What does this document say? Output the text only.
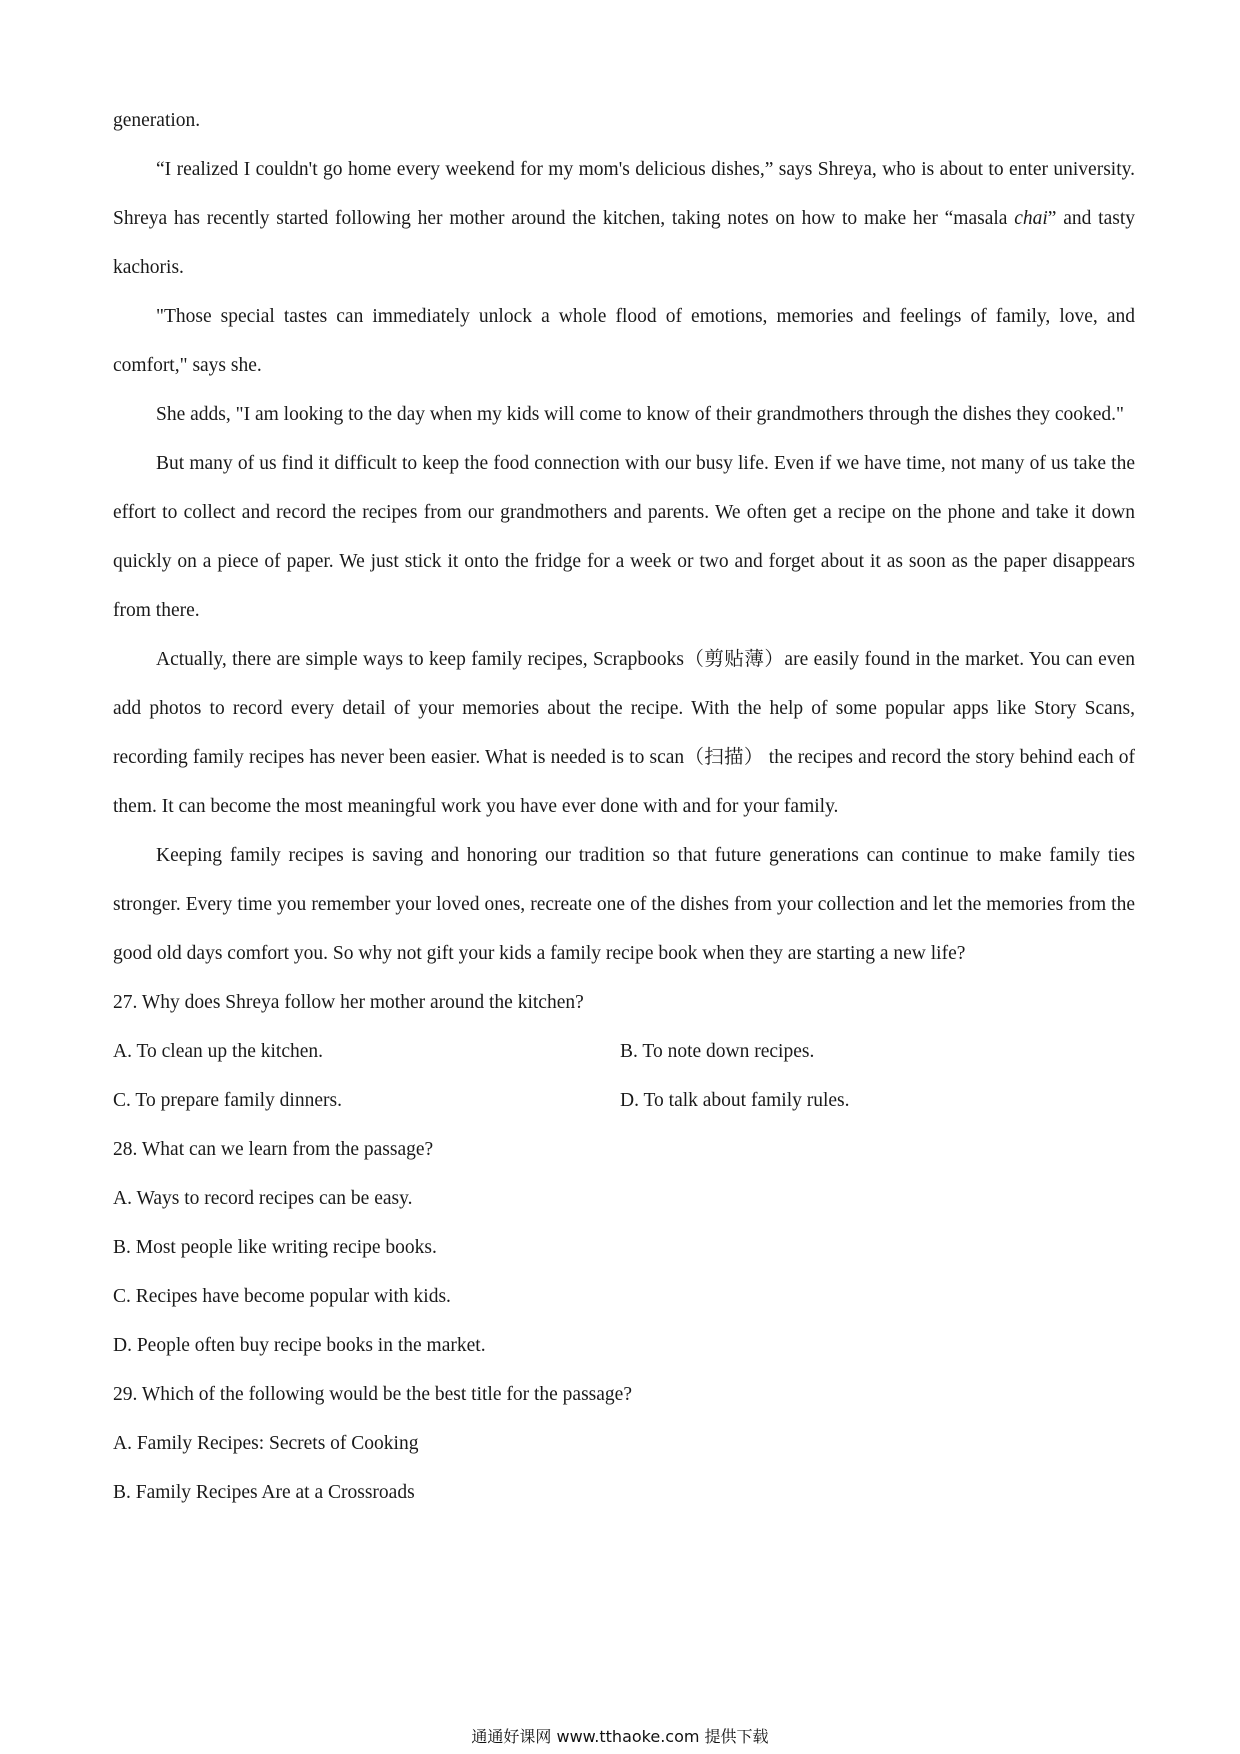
generation.

“I realized I couldn't go home every weekend for my mom's delicious dishes,” says Shreya, who is about to enter university. Shreya has recently started following her mother around the kitchen, taking notes on how to make her “masala chai” and tasty kachoris.

"Those special tastes can immediately unlock a whole flood of emotions, memories and feelings of family, love, and comfort," says she.

She adds, "I am looking to the day when my kids will come to know of their grandmothers through the dishes they cooked."

But many of us find it difficult to keep the food connection with our busy life. Even if we have time, not many of us take the effort to collect and record the recipes from our grandmothers and parents. We often get a recipe on the phone and take it down quickly on a piece of paper. We just stick it onto the fridge for a week or two and forget about it as soon as the paper disappears from there.

Actually, there are simple ways to keep family recipes, Scrapbooks（剪贴薄）are easily found in the market. You can even add photos to record every detail of your memories about the recipe. With the help of some popular apps like Story Scans, recording family recipes has never been easier. What is needed is to scan（扫描） the recipes and record the story behind each of them. It can become the most meaningful work you have ever done with and for your family.

Keeping family recipes is saving and honoring our tradition so that future generations can continue to make family ties stronger. Every time you remember your loved ones, recreate one of the dishes from your collection and let the memories from the good old days comfort you. So why not gift your kids a family recipe book when they are starting a new life?

27. Why does Shreya follow her mother around the kitchen?

A. To clean up the kitchen.	B. To note down recipes.
C. To prepare family dinners.	D. To talk about family rules.

28. What can we learn from the passage?

A. Ways to record recipes can be easy.

B. Most people like writing recipe books.

C. Recipes have become popular with kids.

D. People often buy recipe books in the market.

29. Which of the following would be the best title for the passage?

A. Family Recipes: Secrets of Cooking

B. Family Recipes Are at a Crossroads

通通好课网 www.tthaoke.com 提供下载
